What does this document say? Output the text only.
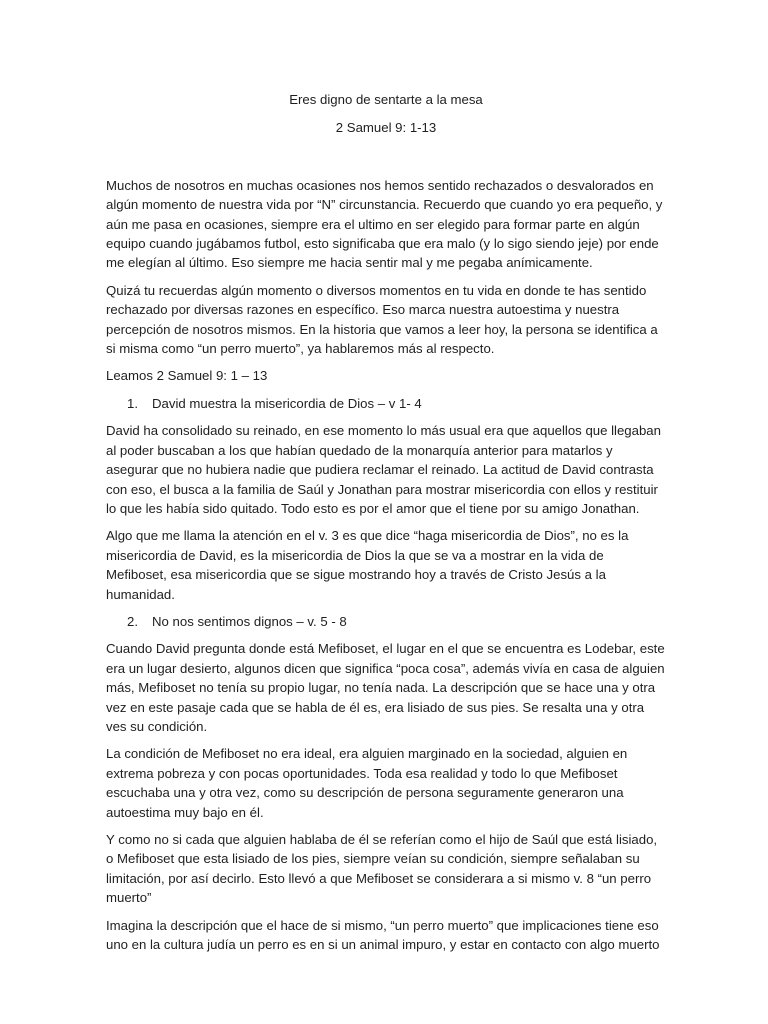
Eres digno de sentarte a la mesa

2 Samuel 9: 1-13

Muchos de nosotros en muchas ocasiones nos hemos sentido rechazados o desvalorados en algún momento de nuestra vida por “N” circunstancia. Recuerdo que cuando yo era pequeño, y aún me pasa en ocasiones, siempre era el ultimo en ser elegido para formar parte en algún equipo cuando jugábamos futbol, esto significaba que era malo (y lo sigo siendo jeje) por ende me elegían al último. Eso siempre me hacia sentir mal y me pegaba anímicamente.

Quizá tu recuerdas algún momento o diversos momentos en tu vida en donde te has sentido rechazado por diversas razones en específico. Eso marca nuestra autoestima y nuestra percepción de nosotros mismos. En la historia que vamos a leer hoy, la persona se identifica a si misma como “un perro muerto”, ya hablaremos más al respecto.

Leamos 2 Samuel 9: 1 – 13

1.	David muestra la misericordia de Dios – v 1- 4

David ha consolidado su reinado, en ese momento lo más usual era que aquellos que llegaban al poder buscaban a los que habían quedado de la monarquía anterior para matarlos y asegurar que no hubiera nadie que pudiera reclamar el reinado. La actitud de David contrasta con eso, el busca a la familia de Saúl y Jonathan para mostrar misericordia con ellos y restituir lo que les había sido quitado. Todo esto es por el amor que el tiene por su amigo Jonathan.

Algo que me llama la atención en el v. 3 es que dice “haga misericordia de Dios”, no es la misericordia de David, es la misericordia de Dios la que se va a mostrar en la vida de Mefiboset, esa misericordia que se sigue mostrando hoy a través de Cristo Jesús a la humanidad.

2.	No nos sentimos dignos – v. 5 - 8

Cuando David pregunta donde está Mefiboset, el lugar en el que se encuentra es Lodebar, este era un lugar desierto, algunos dicen que significa “poca cosa”, además vivía en casa de alguien más, Mefiboset no tenía su propio lugar, no tenía nada. La descripción que se hace una y otra vez en este pasaje cada que se habla de él es, era lisiado de sus pies. Se resalta una y otra ves su condición.

La condición de Mefiboset no era ideal, era alguien marginado en la sociedad, alguien en extrema pobreza y con pocas oportunidades. Toda esa realidad y todo lo que Mefiboset escuchaba una y otra vez, como su descripción de persona seguramente generaron una autoestima muy bajo en él.

Y como no si cada que alguien hablaba de él se referían como el hijo de Saúl que está lisiado, o Mefiboset que esta lisiado de los pies, siempre veían su condición, siempre señalaban su limitación, por así decirlo. Esto llevó a que Mefiboset se considerara a si mismo v. 8 “un perro muerto”

Imagina la descripción que el hace de si mismo, “un perro muerto” que implicaciones tiene eso uno en la cultura judía un perro es en si un animal impuro, y estar en contacto con algo muerto
